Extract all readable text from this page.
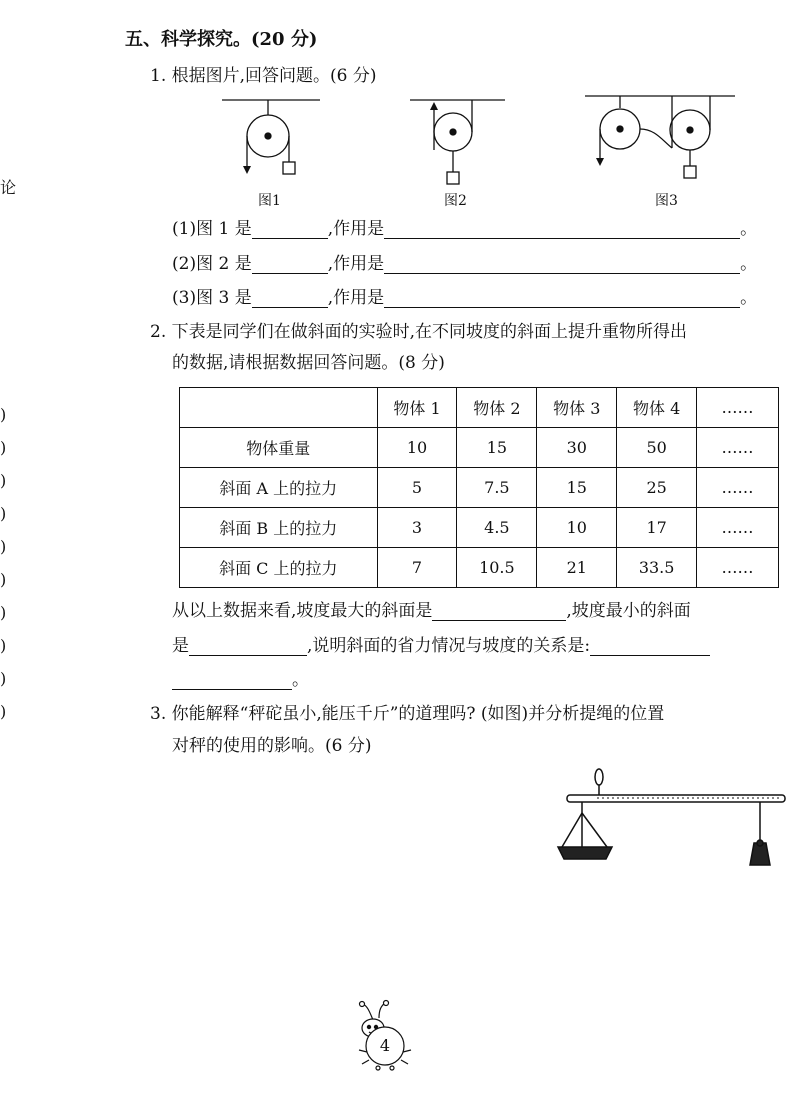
论
)
)
)
)
)
)
)
)
)
)
五、科学探究。(20 分)
1. 根据图片,回答问题。(6 分)
图1	图2	图3
(1)图 1 是	,作用是	。
(2)图 2 是	,作用是	。
(3)图 3 是	,作用是	。
2. 下表是同学们在做斜面的实验时,在不同坡度的斜面上提升重物所得出
的数据,请根据数据回答问题。(8 分)
	物体 1	物体 2	物体 3	物体 4	……
物体重量	10	15	30	50	……
斜面 A 上的拉力	5	7.5	15	25	……
斜面 B 上的拉力	3	4.5	10	17	……
斜面 C 上的拉力	7	10.5	21	33.5	……
从以上数据来看,坡度最大的斜面是	,坡度最小的斜面
是	,说明斜面的省力情况与坡度的关系是:
。
3. 你能解释“秤砣虽小,能压千斤”的道理吗? (如图)并分析提绳的位置
对秤的使用的影响。(6 分)
4
